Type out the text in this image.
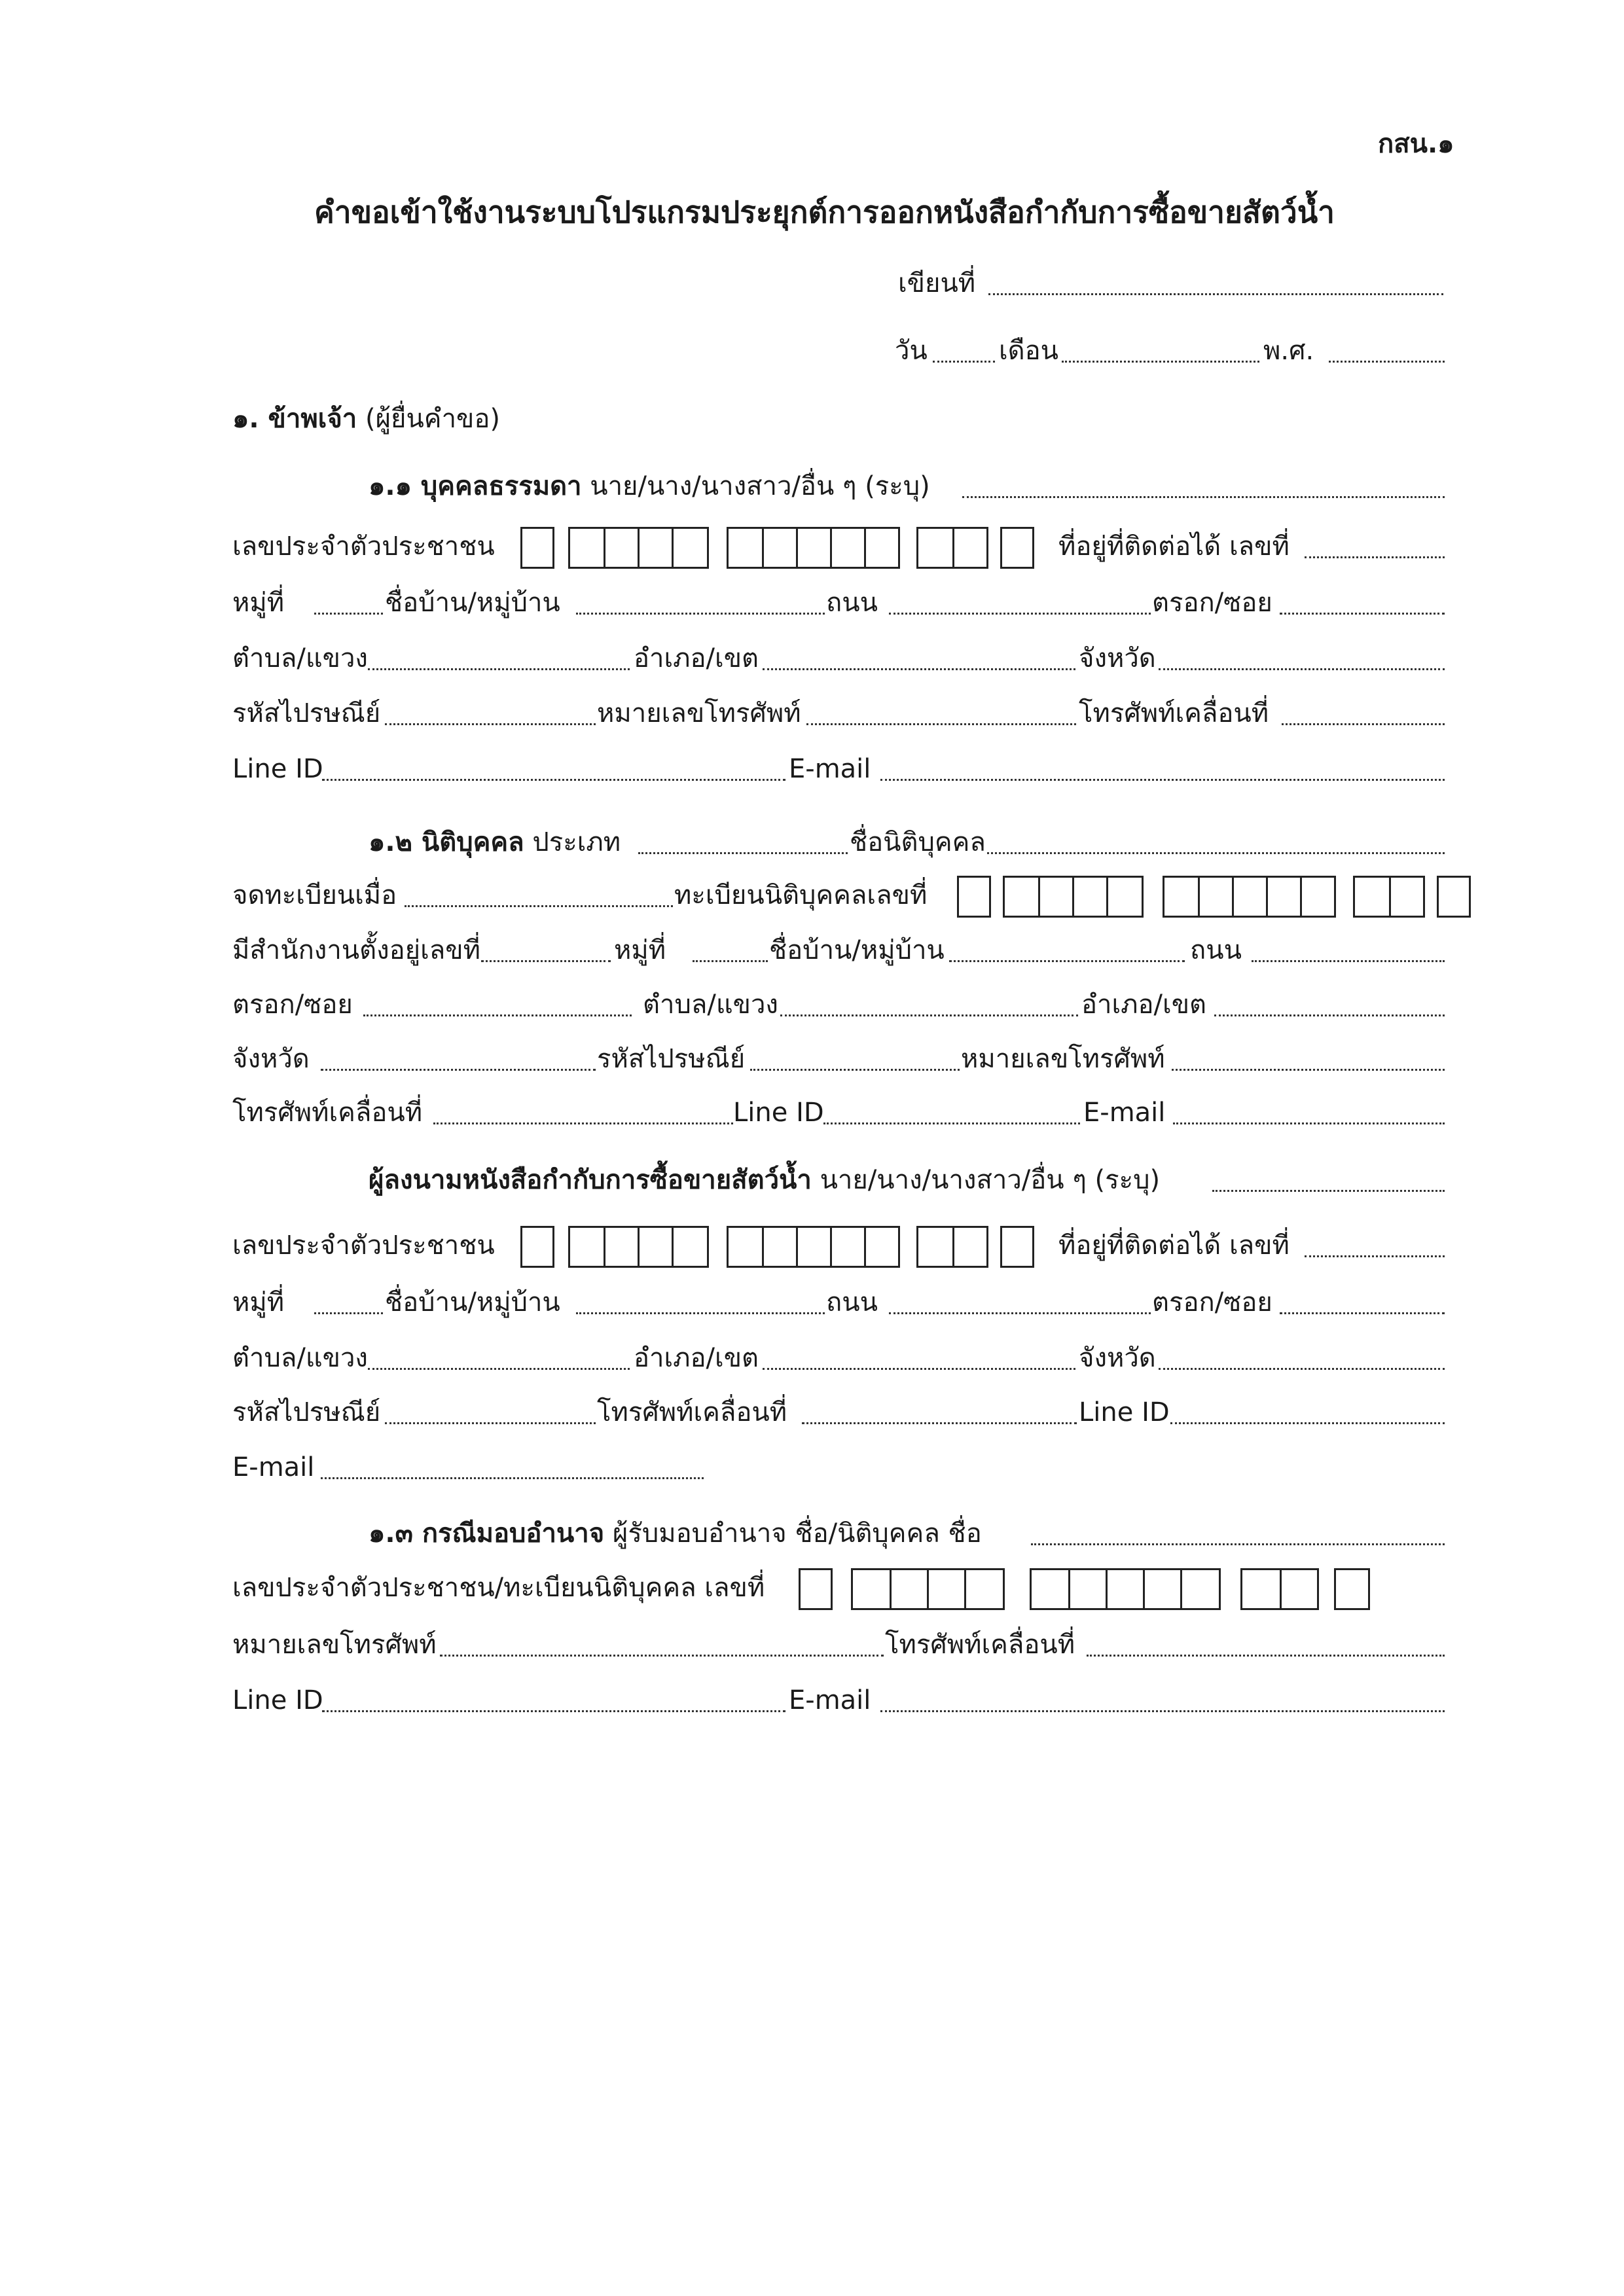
กสน.๑
คำขอเข้าใช้งานระบบโปรแกรมประยุกต์การออกหนังสือกำกับการซื้อขายสัตว์น้ำ
เขียนที่
วัน	เดือน	พ.ศ.
๑. ข้าพเจ้า (ผู้ยื่นคำขอ)
๑.๑ บุคคลธรรมดา นาย/นาง/นางสาว/อื่น ๆ (ระบุ)
เลขประจำตัวประชาชน	ที่อยู่ที่ติดต่อได้ เลขที่
หมู่ที่	ชื่อบ้าน/หมู่บ้าน	ถนน	ตรอก/ซอย
ตำบล/แขวง	อำเภอ/เขต	จังหวัด
รหัสไปรษณีย์	หมายเลขโทรศัพท์	โทรศัพท์เคลื่อนที่
Line ID	E-mail
๑.๒ นิติบุคคล ประเภท	ชื่อนิติบุคคล
จดทะเบียนเมื่อ	ทะเบียนนิติบุคคลเลขที่
มีสำนักงานตั้งอยู่เลขที่	หมู่ที่	ชื่อบ้าน/หมู่บ้าน	ถนน
ตรอก/ซอย	ตำบล/แขวง	อำเภอ/เขต
จังหวัด	รหัสไปรษณีย์	หมายเลขโทรศัพท์
โทรศัพท์เคลื่อนที่	Line ID	E-mail
ผู้ลงนามหนังสือกำกับการซื้อขายสัตว์น้ำ นาย/นาง/นางสาว/อื่น ๆ (ระบุ)
เลขประจำตัวประชาชน	ที่อยู่ที่ติดต่อได้ เลขที่
หมู่ที่	ชื่อบ้าน/หมู่บ้าน	ถนน	ตรอก/ซอย
ตำบล/แขวง	อำเภอ/เขต	จังหวัด
รหัสไปรษณีย์	โทรศัพท์เคลื่อนที่	Line ID
E-mail
๑.๓ กรณีมอบอำนาจ ผู้รับมอบอำนาจ ชื่อ/นิติบุคคล ชื่อ
เลขประจำตัวประชาชน/ทะเบียนนิติบุคคล เลขที่
หมายเลขโทรศัพท์	โทรศัพท์เคลื่อนที่
Line ID	E-mail
